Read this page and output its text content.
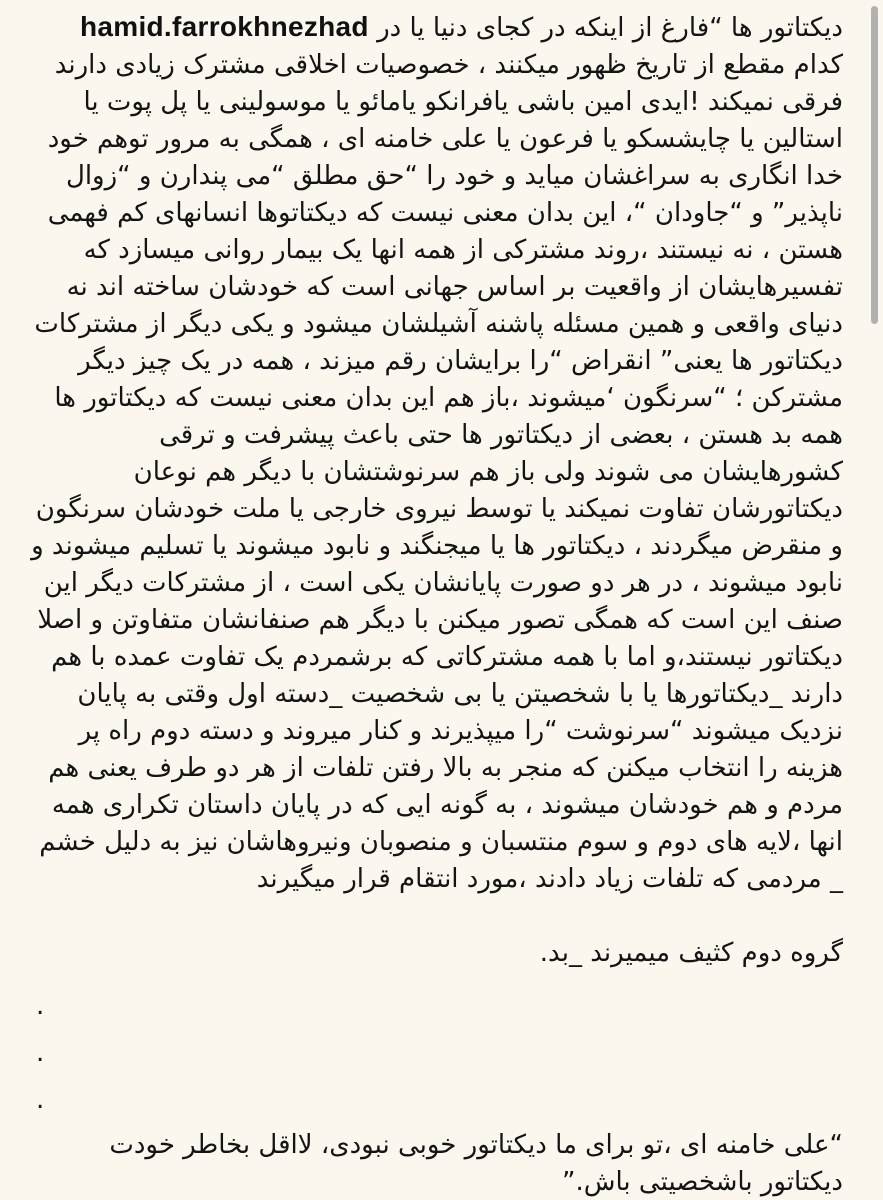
hamid.farrokhnezhad دیکتاتور ها “فارغ از اینکه در کجای دنیا یا در کدام مقطع از تاریخ ظهور میکنند ، خصوصیات اخلاقی مشترک زیادی دارند فرقی نمیکند !ایدی امین باشی یافرانکو یامائو یا موسولینی یا پل پوت یا استالین یا چایشسکو یا فرعون یا علی خامنه ای ، همگی به مرور توهم خود خدا انگاری به سراغشان میاید و خود را “حق مطلق “می پندارن و “زوال ناپذیر” و “جاودان “، این بدان معنی نیست که دیکتاتوها انسانهای کم فهمی هستن ، نه نیستند ،روند مشترکی از همه انها یک بیمار روانی میسازد که تفسیرهایشان از واقعیت بر اساس جهانی است که خودشان ساخته اند نه دنیای واقعی و همین مسئله پاشنه آشیلشان میشود و یکی دیگر از مشترکات دیکتاتور ها یعنی” انقراض “را برایشان رقم میزند ، همه در یک چیز دیگر مشترکن ؛ “سرنگون ‘میشوند ،باز هم این بدان معنی نیست که دیکتاتور ها همه بد هستن ، بعضی از دیکتاتور ها حتی باعث پیشرفت و ترقی کشورهایشان می شوند ولی باز هم سرنوشتشان با دیگر هم نوعان دیکتاتورشان تفاوت نمیکند یا توسط نیروی خارجی یا ملت خودشان سرنگون و منقرض میگردند ، دیکتاتور ها یا میجنگند و نابود میشوند یا تسلیم میشوند و نابود میشوند ، در هر دو صورت پایانشان یکی است ، از مشترکات دیگر این صنف این است که همگی تصور میکنن با دیگر هم صنفانشان متفاوتن و اصلا دیکتاتور نیستند،و اما با همه مشترکاتی که برشمردم یک تفاوت عمده با هم دارند _دیکتاتورها یا با شخصیتن یا بی شخصیت _دسته اول وقتی به پایان نزدیک میشوند “سرنوشت “را میپذیرند و کنار میروند و دسته دوم راه پر هزینه را انتخاب میکنن که منجر به بالا رفتن تلفات از هر دو طرف یعنی هم مردم و هم خودشان میشوند ، به گونه ایی که در پایان داستان تکراری همه انها ،لایه های دوم و سوم منتسبان و منصوبان ونیروهاشان نیز به دلیل خشم مردمی که تلفات زیاد دادند ،مورد انتقام قرار میگیرند _
گروه دوم کثیف میمیرند _بد.
.
.
.
“علی خامنه ای ،تو برای ما دیکتاتور خوبی نبودی، لااقل بخاطر خودت
دیکتاتور باشخصیتی باش.”
